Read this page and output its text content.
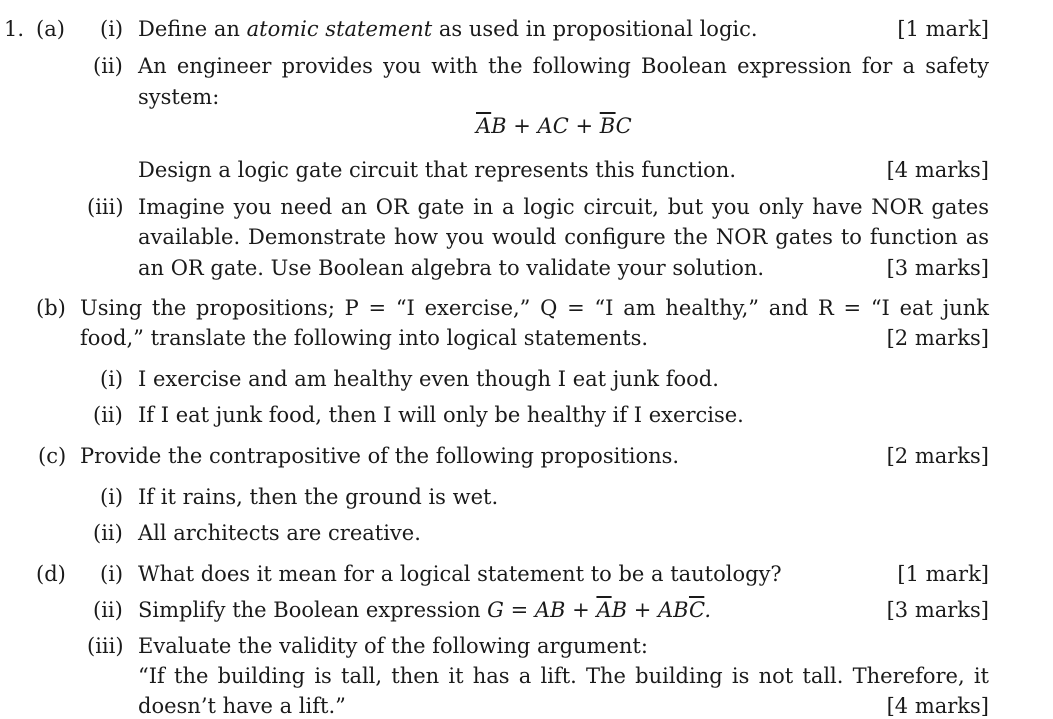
1. (a) (i) Define an atomic statement as used in propositional logic.	[1 mark]
(ii) An engineer provides you with the following Boolean expression for a safety
system:
$\overline{A}B$ + AC + $\overline{B}C$
Design a logic gate circuit that represents this function.	[4 marks]
(iii) Imagine you need an OR gate in a logic circuit, but you only have NOR gates
available. Demonstrate how you would configure the NOR gates to function as
an OR gate. Use Boolean algebra to validate your solution.	[3 marks]
(b) Using the propositions; P = “I exercise,” Q = “I am healthy,” and R = “I eat junk
food,” translate the following into logical statements.	[2 marks]
(i) I exercise and am healthy even though I eat junk food.
(ii) If I eat junk food, then I will only be healthy if I exercise.
(c) Provide the contrapositive of the following propositions.	[2 marks]
(i) If it rains, then the ground is wet.
(ii) All architects are creative.
(d) (i) What does it mean for a logical statement to be a tautology?	[1 mark]
(ii) Simplify the Boolean expression G = AB + $\overline{A}B + AB\overline{C}$.	[3 marks]
(iii) Evaluate the validity of the following argument:
“If the building is tall, then it has a lift. The building is not tall. Therefore, it
doesn’t have a lift.”	[4 marks]
